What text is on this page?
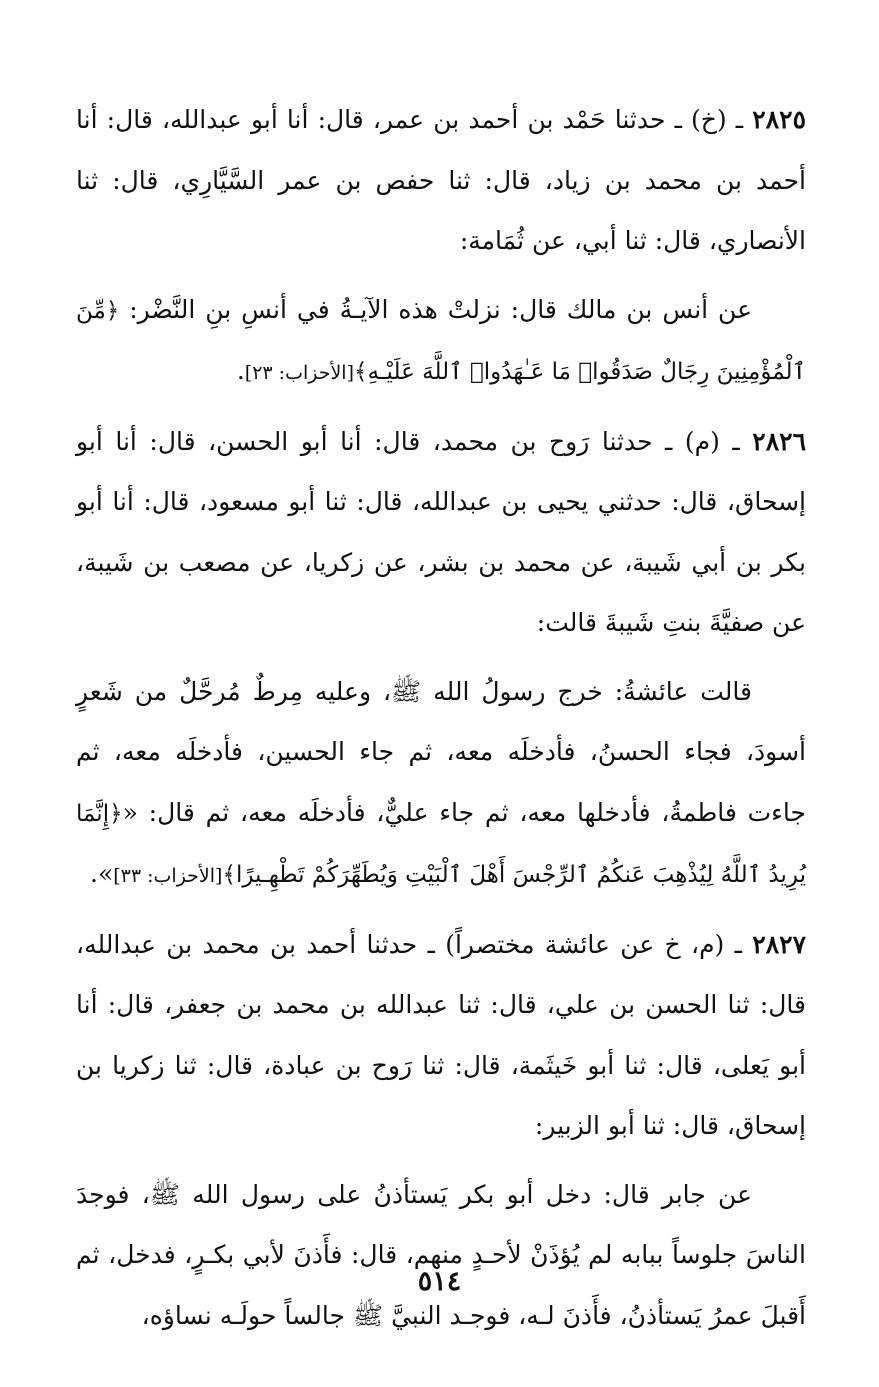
٢٨٢٥ ـ (خ) ـ حدثنا حَمْد بن أحمد بن عمر، قال: أنا أبو عبدالله، قال: أنا أحمد بن محمد بن زياد، قال: ثنا حفص بن عمر السَّيَّارِي، قال: ثنا الأنصاري، قال: ثنا أبي، عن ثُمَامة:

عن أنس بن مالك قال: نزلتْ هذه الآيـةُ في أنسِ بنِ النَّضْر: ﴿مِّنَ ٱلْمُؤْمِنِينَ رِجَالٌ صَدَقُوا۟ مَا عَـٰهَدُوا۟ ٱللَّهَ عَلَيْـهِ﴾[الأحزاب: ٢٣].

٢٨٢٦ ـ (م) ـ حدثنا رَوح بن محمد، قال: أنا أبو الحسن، قال: أنا أبو إسحاق، قال: حدثني يحيى بن عبدالله، قال: ثنا أبو مسعود، قال: أنا أبو بكر بن أبي شَيبة، عن محمد بن بشر، عن زكريا، عن مصعب بن شَيبة، عن صفيَّةَ بنتِ شَيبةَ قالت:

قالت عائشةُ: خرج رسولُ الله ﷺ، وعليه مِرطٌ مُرحَّلٌ من شَعرٍ أسودَ، فجاء الحسنُ، فأدخلَه معه، ثم جاء الحسين، فأدخلَه معه، ثم جاءت فاطمةُ، فأدخلها معه، ثم جاء عليٌّ، فأدخلَه معه، ثم قال: «﴿إِنَّمَا يُرِيدُ ٱللَّهُ لِيُذْهِبَ عَنكُمُ ٱلرِّجْسَ أَهْلَ ٱلْبَيْتِ وَيُطَهِّرَكُمْ تَطْهِـيرًا﴾[الأحزاب: ٣٣]».

٢٨٢٧ ـ (م، خ عن عائشة مختصراً) ـ حدثنا أحمد بن محمد بن عبدالله، قال: ثنا الحسن بن علي، قال: ثنا عبدالله بن محمد بن جعفر، قال: أنا أبو يَعلى، قال: ثنا أبو خَيثَمة، قال: ثنا رَوح بن عبادة، قال: ثنا زكريا بن إسحاق، قال: ثنا أبو الزبير:

عن جابر قال: دخل أبو بكر يَستأذنُ على رسول الله ﷺ، فوجدَ الناسَ جلوساً ببابه لم يُؤذَنْ لأحـدٍ منهم، قال: فأَذنَ لأبي بكـرٍ، فدخل، ثم أَقبلَ عمرُ يَستأذنُ، فأَذنَ لـه، فوجـد النبيَّ ﷺ جالساً حولَـه نساؤه،

٥١٤
